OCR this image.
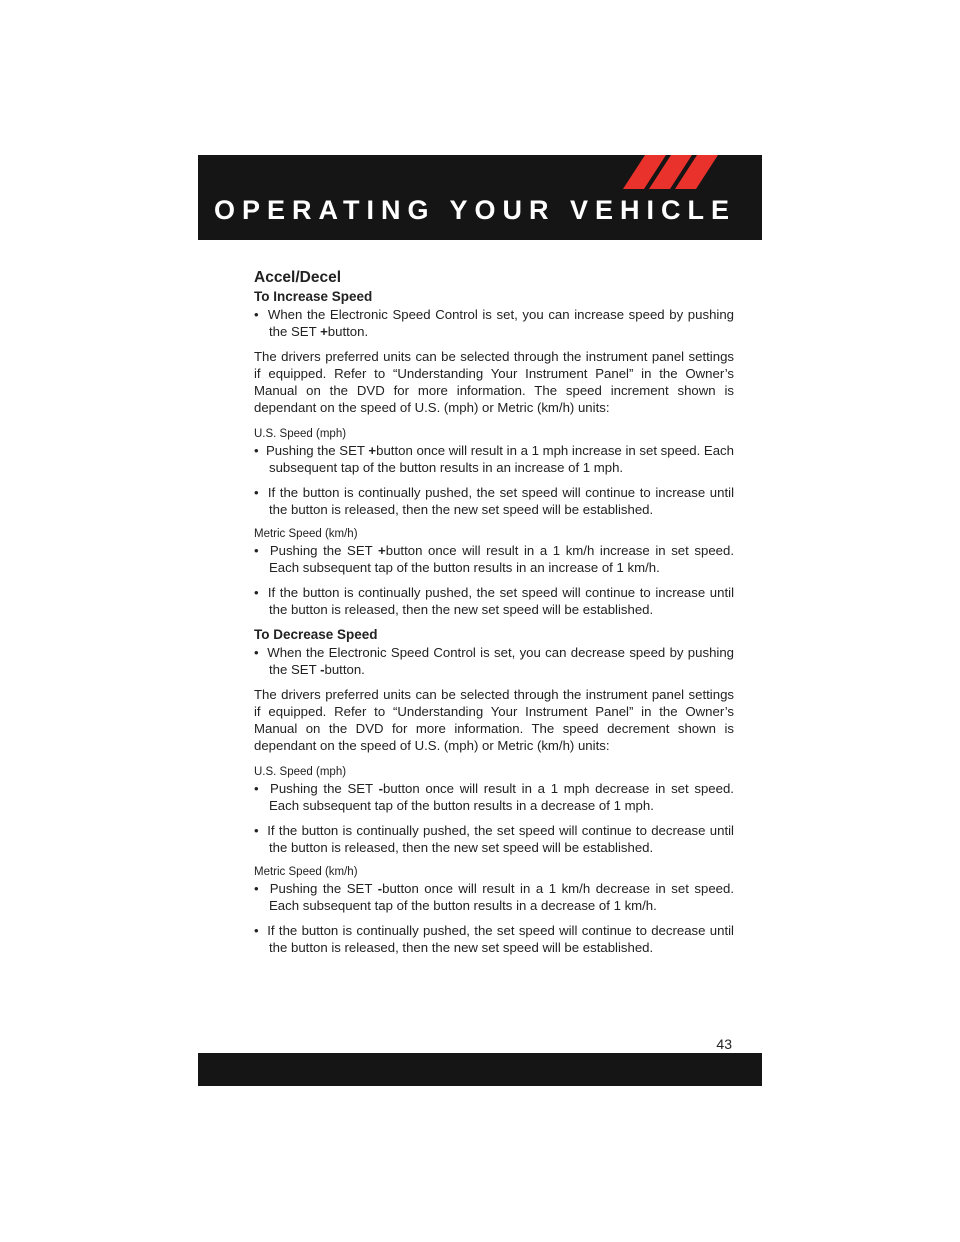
OPERATING YOUR VEHICLE

Accel/Decel

To Increase Speed

•  When the Electronic Speed Control is set, you can increase speed by pushing the SET +button.

The drivers preferred units can be selected through the instrument panel settings if equipped. Refer to “Understanding Your Instrument Panel” in the Owner’s Manual on the DVD for more information. The speed increment shown is dependant on the speed of U.S. (mph) or Metric (km/h) units:

U.S. Speed (mph)

•  Pushing the SET +button once will result in a 1 mph increase in set speed. Each subsequent tap of the button results in an increase of 1 mph.

•  If the button is continually pushed, the set speed will continue to increase until the button is released, then the new set speed will be established.

Metric Speed (km/h)

•  Pushing the SET +button once will result in a 1 km/h increase in set speed. Each subsequent tap of the button results in an increase of 1 km/h.

•  If the button is continually pushed, the set speed will continue to increase until the button is released, then the new set speed will be established.

To Decrease Speed

•  When the Electronic Speed Control is set, you can decrease speed by pushing the SET -button.

The drivers preferred units can be selected through the instrument panel settings if equipped. Refer to “Understanding Your Instrument Panel” in the Owner’s Manual on the DVD for more information. The speed decrement shown is dependant on the speed of U.S. (mph) or Metric (km/h) units:

U.S. Speed (mph)

•  Pushing the SET -button once will result in a 1 mph decrease in set speed. Each subsequent tap of the button results in a decrease of 1 mph.

•  If the button is continually pushed, the set speed will continue to decrease until the button is released, then the new set speed will be established.

Metric Speed (km/h)

•  Pushing the SET -button once will result in a 1 km/h decrease in set speed. Each subsequent tap of the button results in a decrease of 1 km/h.

•  If the button is continually pushed, the set speed will continue to decrease until the button is released, then the new set speed will be established.

43
